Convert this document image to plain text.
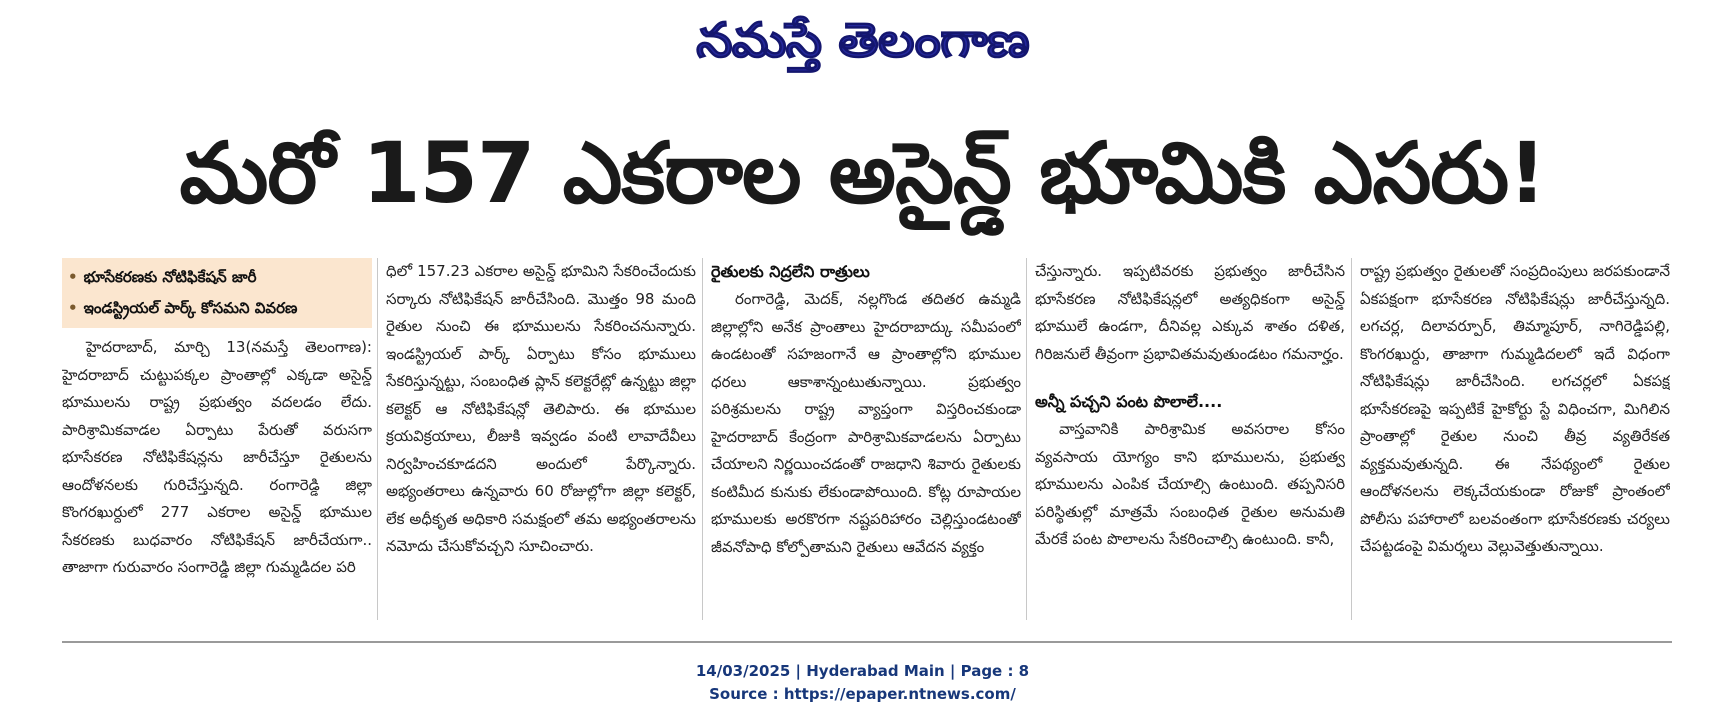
నమస్తే తెలంగాణ
మరో 157 ఎకరాల అసైన్డ్ భూమికి ఎసరు!
• భూసేకరణకు నోటిఫికేషన్ జారీ
• ఇండస్ట్రియల్ పార్క్ కోసమని వివరణ

హైదరాబాద్, మార్చి 13(నమస్తే తెలంగాణ): హైదరాబాద్ చుట్టుపక్కల ప్రాంతాల్లో ఎక్కడా అసైన్డ్ భూములను రాష్ట్ర ప్రభుత్వం వదలడం లేదు. పారిశ్రామికవాడల ఏర్పాటు పేరుతో వరుసగా భూసేకరణ నోటిఫికేషన్లను జారీచేస్తూ రైతులను ఆందోళనలకు గురిచేస్తున్నది. రంగారెడ్డి జిల్లా కొంగరఖుర్దులో 277 ఎకరాల అసైన్డ్ భూముల సేకరణకు బుధవారం నోటిఫికేషన్ జారీచేయగా.. తాజాగా గురువారం సంగారెడ్డి జిల్లా గుమ్మడిదల పరి

ధిలో 157.23 ఎకరాల అసైన్డ్ భూమిని సేకరించేందుకు సర్కారు నోటిఫికేషన్ జారీచేసింది. మొత్తం 98 మంది రైతుల నుంచి ఈ భూములను సేకరించనున్నారు. ఇండస్ట్రియల్ పార్క్ ఏర్పాటు కోసం భూములు సేకరిస్తున్నట్టు, సంబంధిత ప్లాన్ కలెక్టరేట్లో ఉన్నట్టు జిల్లా కలెక్టర్ ఆ నోటిఫికేషన్లో తెలిపారు. ఈ భూముల క్రయవిక్రయాలు, లీజుకి ఇవ్వడం వంటి లావాదేవీలు నిర్వహించకూడదని అందులో పేర్కొన్నారు. అభ్యంతరాలు ఉన్నవారు 60 రోజుల్లోగా జిల్లా కలెక్టర్, లేక అధీకృత అధికారి సమక్షంలో తమ అభ్యంతరాలను నమోదు చేసుకోవచ్చని సూచించారు.

రైతులకు నిద్రలేని రాత్రులు

రంగారెడ్డి, మెదక్, నల్లగొండ తదితర ఉమ్మడి జిల్లాల్లోని అనేక ప్రాంతాలు హైదరాబాద్కు సమీపంలో ఉండటంతో సహజంగానే ఆ ప్రాంతాల్లోని భూముల ధరలు ఆకాశాన్నంటుతున్నాయి. ప్రభుత్వం పరిశ్రమలను రాష్ట్ర వ్యాప్తంగా విస్తరించకుండా హైదరాబాద్ కేంద్రంగా పారిశ్రామికవాడలను ఏర్పాటు చేయాలని నిర్ణయించడంతో రాజధాని శివారు రైతులకు కంటిమీద కునుకు లేకుండాపోయింది. కోట్ల రూపాయల భూములకు అరకొరగా నష్టపరిహారం చెల్లిస్తుండటంతో జీవనోపాధి కోల్పోతామని రైతులు ఆవేదన వ్యక్తం

చేస్తున్నారు. ఇప్పటివరకు ప్రభుత్వం జారీచేసిన భూసేకరణ నోటిఫికేషన్లలో అత్యధికంగా అసైన్డ్ భూములే ఉండగా, దీనివల్ల ఎక్కువ శాతం దళిత, గిరిజనులే తీవ్రంగా ప్రభావితమవుతుండటం గమనార్హం.

అన్నీ పచ్చని పంట పొలాలే....

వాస్తవానికి పారిశ్రామిక అవసరాల కోసం వ్యవసాయ యోగ్యం కాని భూములను, ప్రభుత్వ భూములను ఎంపిక చేయాల్సి ఉంటుంది. తప్పనిసరి పరిస్థితుల్లో మాత్రమే సంబంధిత రైతుల అనుమతి మేరకే పంట పొలాలను సేకరించాల్సి ఉంటుంది. కానీ,

రాష్ట్ర ప్రభుత్వం రైతులతో సంప్రదింపులు జరపకుండానే ఏకపక్షంగా భూసేకరణ నోటిఫికేషన్లు జారీచేస్తున్నది. లగచర్ల, దిలావర్పూర్, తిమ్మాపూర్, నాగిరెడ్డిపల్లి, కొంగరఖుర్దు, తాజాగా గుమ్మడిదలలో ఇదే విధంగా నోటిఫికేషన్లు జారీచేసింది. లగచర్లలో ఏకపక్ష భూసేకరణపై ఇప్పటికే హైకోర్టు స్టే విధించగా, మిగిలిన ప్రాంతాల్లో రైతుల నుంచి తీవ్ర వ్యతిరేకత వ్యక్తమవుతున్నది. ఈ నేపథ్యంలో రైతుల ఆందోళనలను లెక్కచేయకుండా రోజుకో ప్రాంతంలో పోలీసు పహారాలో బలవంతంగా భూసేకరణకు చర్యలు చేపట్టడంపై విమర్శలు వెల్లువెత్తుతున్నాయి.

14/03/2025 | Hyderabad Main | Page : 8
Source : https://epaper.ntnews.com/
